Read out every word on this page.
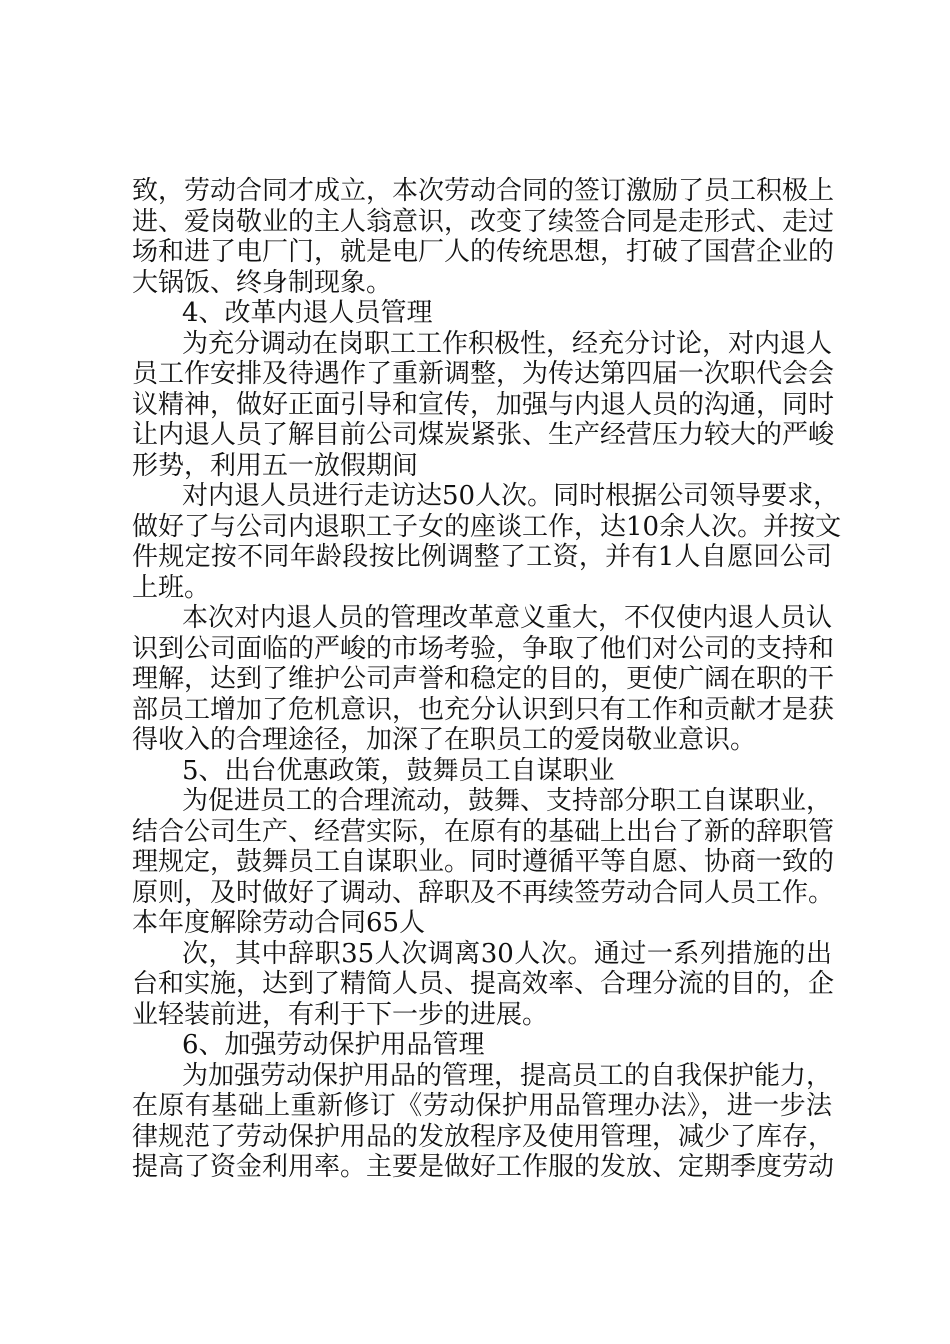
致，劳动合同才成立，本次劳动合同的签订激励了员工积极上
进、爱岗敬业的主人翁意识，改变了续签合同是走形式、走过
场和进了电厂门，就是电厂人的传统思想，打破了国营企业的
大锅饭、终身制现象。
4、改革内退人员管理
为充分调动在岗职工工作积极性，经充分讨论，对内退人
员工作安排及待遇作了重新调整，为传达第四届一次职代会会
议精神，做好正面引导和宣传，加强与内退人员的沟通，同时
让内退人员了解目前公司煤炭紧张、生产经营压力较大的严峻
形势，利用五一放假期间
对内退人员进行走访达50人次。同时根据公司领导要求，
做好了与公司内退职工子女的座谈工作，达10余人次。并按文
件规定按不同年龄段按比例调整了工资，并有1人自愿回公司
上班。
本次对内退人员的管理改革意义重大，不仅使内退人员认
识到公司面临的严峻的市场考验，争取了他们对公司的支持和
理解，达到了维护公司声誉和稳定的目的，更使广阔在职的干
部员工增加了危机意识，也充分认识到只有工作和贡献才是获
得收入的合理途径，加深了在职员工的爱岗敬业意识。
5、出台优惠政策，鼓舞员工自谋职业
为促进员工的合理流动，鼓舞、支持部分职工自谋职业，
结合公司生产、经营实际，在原有的基础上出台了新的辞职管
理规定，鼓舞员工自谋职业。同时遵循平等自愿、协商一致的
原则，及时做好了调动、辞职及不再续签劳动合同人员工作。
本年度解除劳动合同65人
次，其中辞职35人次调离30人次。通过一系列措施的出
台和实施，达到了精简人员、提高效率、合理分流的目的，企
业轻装前进，有利于下一步的进展。
6、加强劳动保护用品管理
为加强劳动保护用品的管理，提高员工的自我保护能力，
在原有基础上重新修订《劳动保护用品管理办法》，进一步法
律规范了劳动保护用品的发放程序及使用管理，减少了库存，
提高了资金利用率。主要是做好工作服的发放、定期季度劳动
